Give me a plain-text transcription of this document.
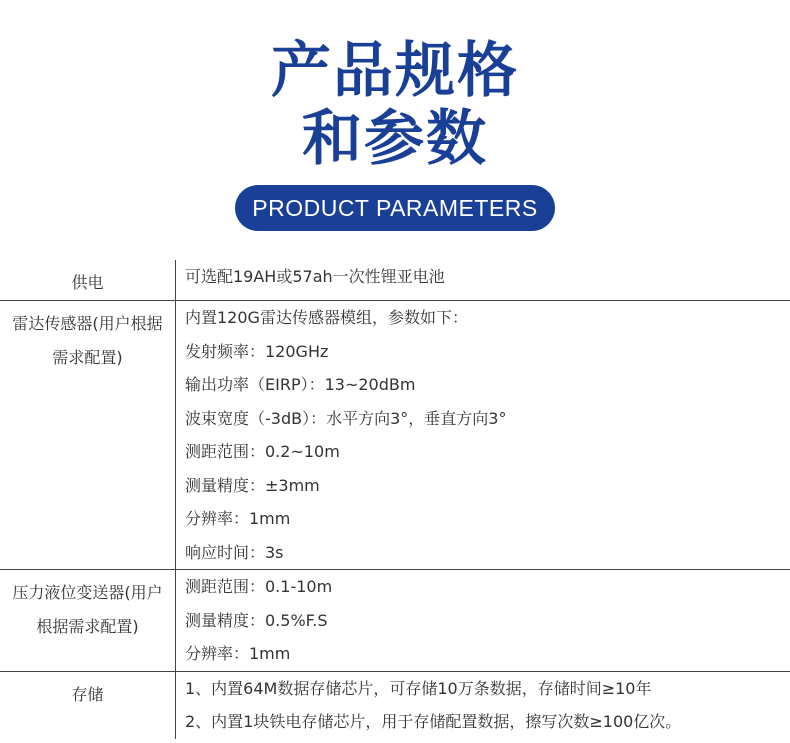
产品规格
和参数
PRODUCT PARAMETERS
供电	可选配19AH或57ah一次性锂亚电池
雷达传感器(用户根据
需求配置)
内置120G雷达传感器模组，参数如下：
发射频率：120GHz
输出功率（EIRP）：13~20dBm
波束宽度（-3dB）：水平方向3°，垂直方向3°
测距范围：0.2~10m
测量精度：±3mm
分辨率：1mm
响应时间：3s
压力液位变送器(用户
根据需求配置)
测距范围：0.1-10m
测量精度：0.5%F.S
分辨率：1mm
存储	1、内置64M数据存储芯片，可存储10万条数据，存储时间≥10年
2、内置1块铁电存储芯片，用于存储配置数据，擦写次数≥100亿次。
